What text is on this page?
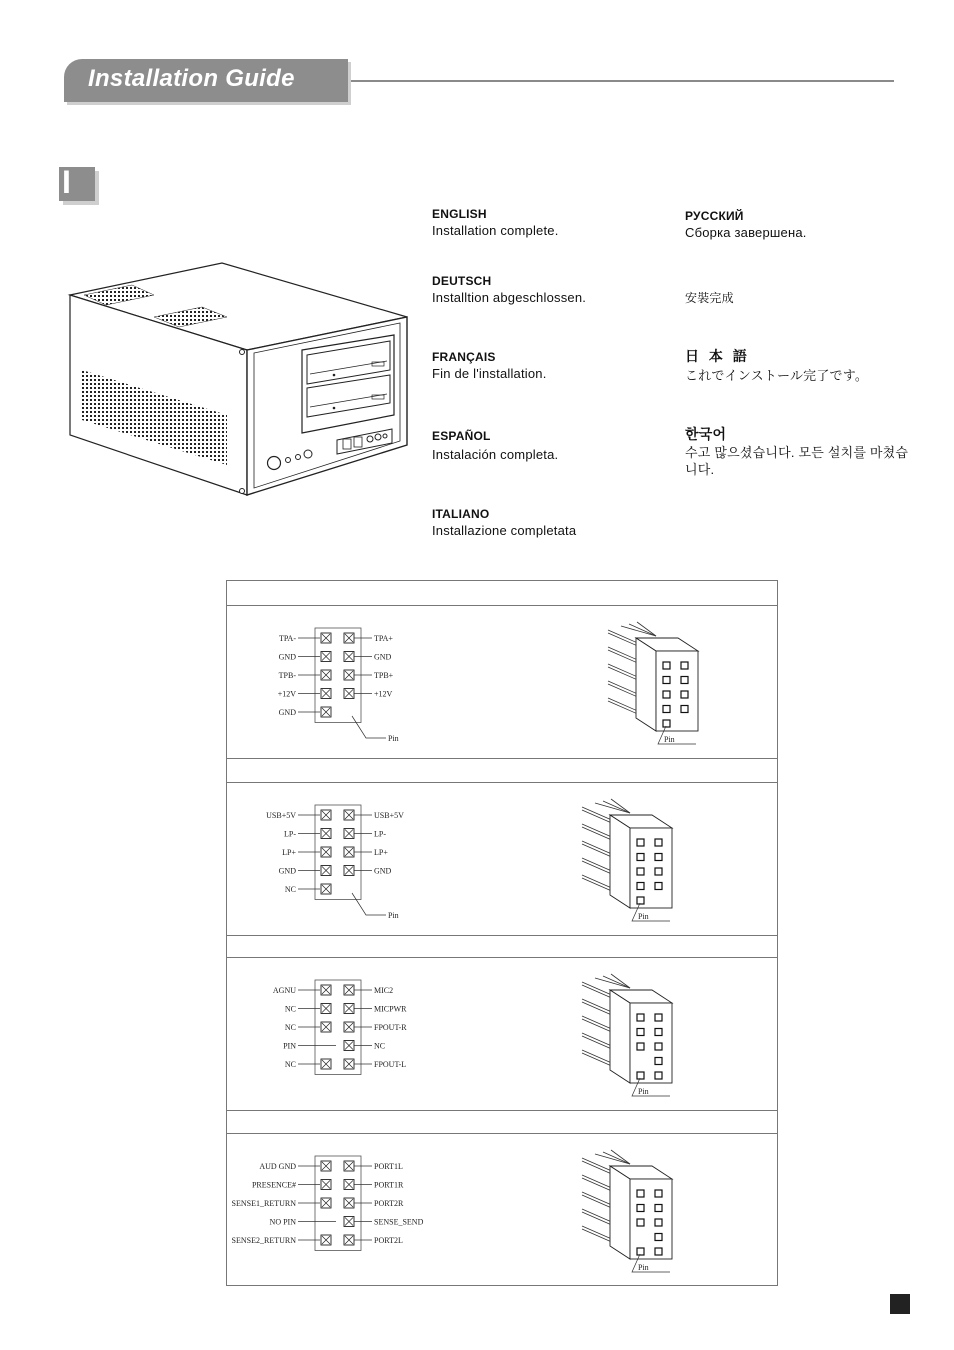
Installation Guide
I
ENGLISH
Installation complete.
РУССКИЙ
Сборка завершена.
DEUTSCH
Installtion abgeschlossen.	安裝完成
FRANÇAIS
Fin de l'installation.
日 本 語
これでインストール完了です。
ESPAÑOL
Instalación completa.
한국어
수고 많으셨습니다. 모든 설치를 마쳤습
니다.
ITALIANO
Installazione completata
TPA-	TPA+
GND	GND
TPB-	TPB+
+12V	+12V
GND
Pin	Pin
USB+5V	USB+5V
LP-	LP-
LP+	LP+
GND	GND
NC
Pin	Pin
AGNU	MIC2
NC	MICPWR
NC	FPOUT-R
PIN	NC
NC	FPOUT-L
Pin
AUD GND	PORT1L
PRESENCE#	PORT1R
SENSE1_RETURN	PORT2R
NO PIN	SENSE_SEND
SENSE2_RETURN	PORT2L
Pin
